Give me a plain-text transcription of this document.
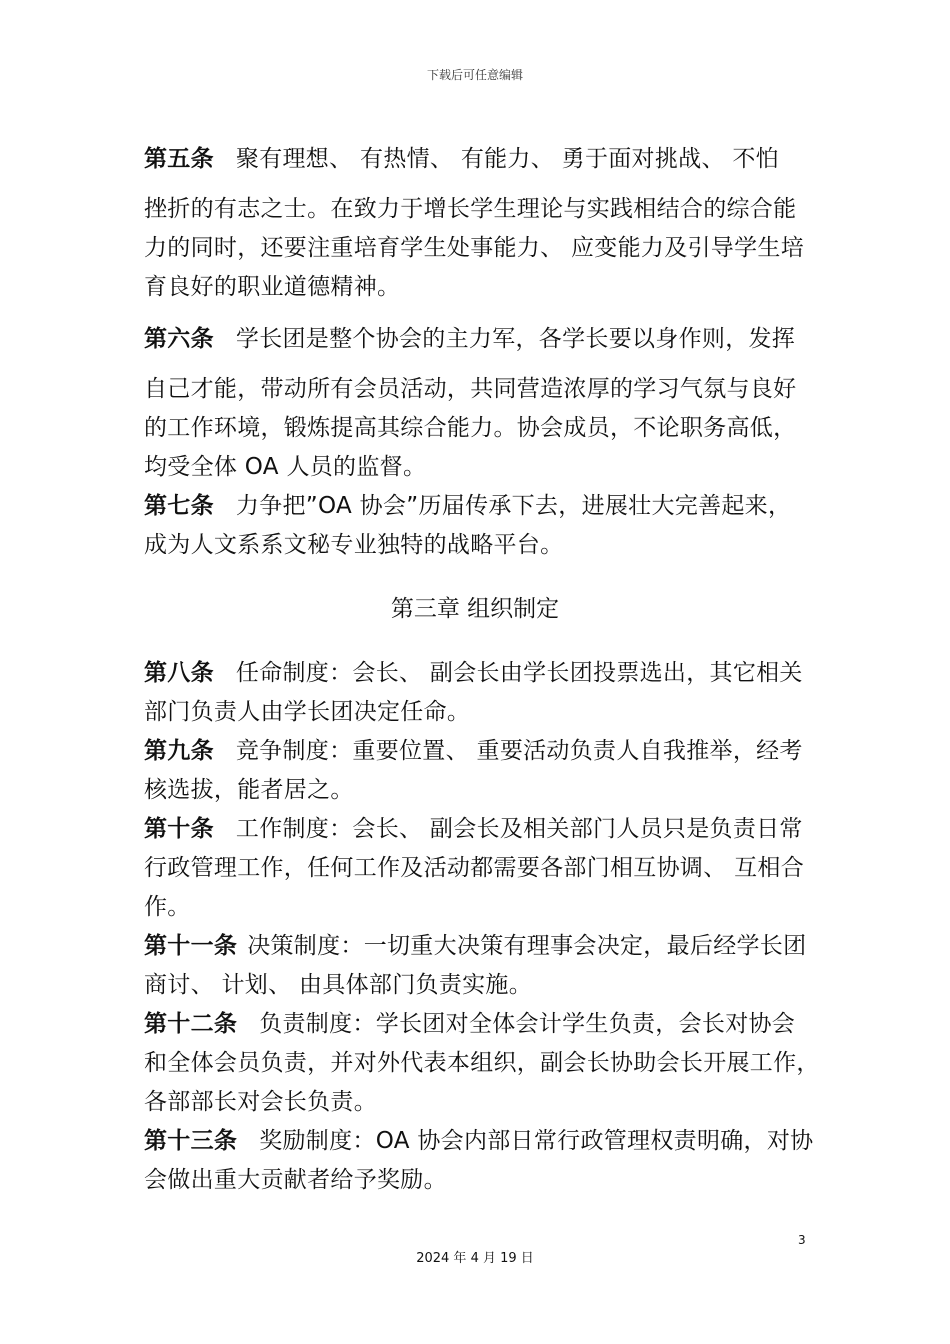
下载后可任意编辑
第五条 聚有理想、 有热情、 有能力、 勇于面对挑战、 不怕
挫折的有志之士。在致力于增长学生理论与实践相结合的综合能
力的同时，还要注重培育学生处事能力、 应变能力及引导学生培
育良好的职业道德精神。
第六条 学长团是整个协会的主力军，各学长要以身作则，发挥
自己才能，带动所有会员活动，共同营造浓厚的学习气氛与良好
的工作环境，锻炼提高其综合能力。协会成员，不论职务高低，
均受全体 OA 人员的监督。
第七条 力争把”OA 协会”历届传承下去，进展壮大完善起来，
成为人文系系文秘专业独特的战略平台。
第三章 组织制定
第八条 任命制度：会长、 副会长由学长团投票选出，其它相关
部门负责人由学长团决定任命。
第九条 竞争制度：重要位置、 重要活动负责人自我推举，经考
核选拔，能者居之。
第十条 工作制度：会长、 副会长及相关部门人员只是负责日常
行政管理工作，任何工作及活动都需要各部门相互协调、 互相合
作。
第十一条 决策制度：一切重大决策有理事会决定，最后经学长团
商讨、 计划、 由具体部门负责实施。
第十二条 负责制度：学长团对全体会计学生负责，会长对协会
和全体会员负责，并对外代表本组织，副会长协助会长开展工作，
各部部长对会长负责。
第十三条 奖励制度：OA 协会内部日常行政管理权责明确，对协
会做出重大贡献者给予奖励。
3
2024 年 4 月 19 日
